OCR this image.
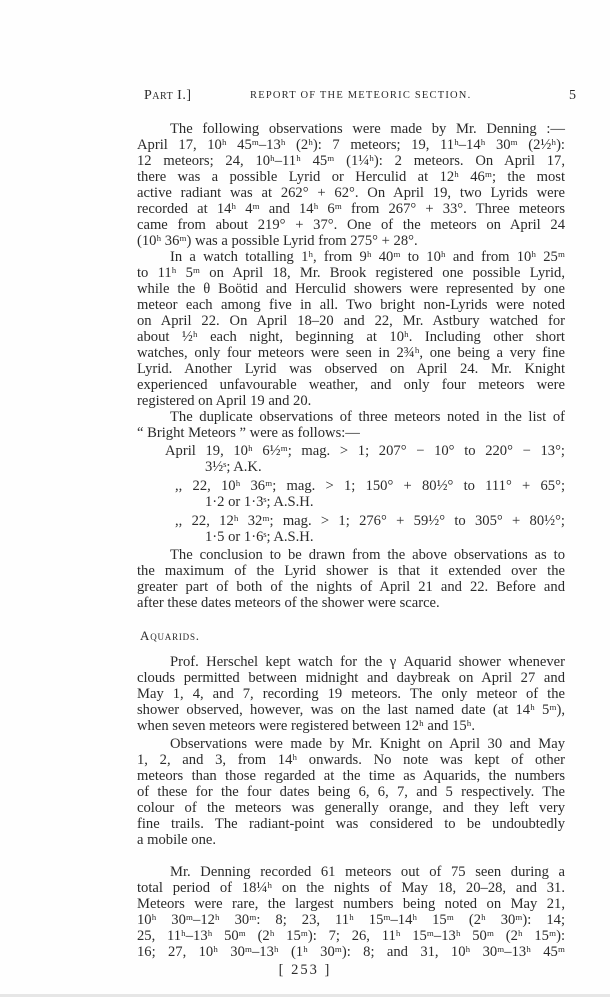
Part I.]	REPORT OF THE METEORIC SECTION.	5
The following observations were made by Mr. Denning :—
April 17, 10ʰ 45ᵐ–13ʰ (2ʰ): 7 meteors; 19, 11ʰ–14ʰ 30ᵐ (2½ʰ):
12 meteors; 24, 10ʰ–11ʰ 45ᵐ (1¼ʰ): 2 meteors. On April 17,
there was a possible Lyrid or Herculid at 12ʰ 46ᵐ; the most
active radiant was at 262° + 62°. On April 19, two Lyrids were
recorded at 14ʰ 4ᵐ and 14ʰ 6ᵐ from 267° + 33°. Three meteors
came from about 219° + 37°. One of the meteors on April 24
(10ʰ 36ᵐ) was a possible Lyrid from 275° + 28°.
In a watch totalling 1ʰ, from 9ʰ 40ᵐ to 10ʰ and from 10ʰ 25ᵐ
to 11ʰ 5ᵐ on April 18, Mr. Brook registered one possible Lyrid,
while the θ Boötid and Herculid showers were represented by one
meteor each among five in all. Two bright non-Lyrids were noted
on April 22. On April 18–20 and 22, Mr. Astbury watched for
about ½ʰ each night, beginning at 10ʰ. Including other short
watches, only four meteors were seen in 2¾ʰ, one being a very fine
Lyrid. Another Lyrid was observed on April 24. Mr. Knight
experienced unfavourable weather, and only four meteors were
registered on April 19 and 20.
The duplicate observations of three meteors noted in the list of
“ Bright Meteors ” were as follows:—
April 19, 10ʰ 6½ᵐ; mag. > 1; 207° − 10° to 220° − 13°;
3½ˢ; A.K.
,, 22, 10ʰ 36ᵐ; mag. > 1; 150° + 80½° to 111° + 65°;
1·2 or 1·3ˢ; A.S.H.
,, 22, 12ʰ 32ᵐ; mag. > 1; 276° + 59½° to 305° + 80½°;
1·5 or 1·6ˢ; A.S.H.
The conclusion to be drawn from the above observations as to
the maximum of the Lyrid shower is that it extended over the
greater part of both of the nights of April 21 and 22. Before and
after these dates meteors of the shower were scarce.
Aquarids.
Prof. Herschel kept watch for the γ Aquarid shower whenever
clouds permitted between midnight and daybreak on April 27 and
May 1, 4, and 7, recording 19 meteors. The only meteor of the
shower observed, however, was on the last named date (at 14ʰ 5ᵐ),
when seven meteors were registered between 12ʰ and 15ʰ.
Observations were made by Mr. Knight on April 30 and May
1, 2, and 3, from 14ʰ onwards. No note was kept of other
meteors than those regarded at the time as Aquarids, the numbers
of these for the four dates being 6, 6, 7, and 5 respectively. The
colour of the meteors was generally orange, and they left very
fine trails. The radiant-point was considered to be undoubtedly
a mobile one.
Mr. Denning recorded 61 meteors out of 75 seen during a
total period of 18¼ʰ on the nights of May 18, 20–28, and 31.
Meteors were rare, the largest numbers being noted on May 21,
10ʰ 30ᵐ–12ʰ 30ᵐ: 8; 23, 11ʰ 15ᵐ–14ʰ 15ᵐ (2ʰ 30ᵐ): 14;
25, 11ʰ–13ʰ 50ᵐ (2ʰ 15ᵐ): 7; 26, 11ʰ 15ᵐ–13ʰ 50ᵐ (2ʰ 15ᵐ):
16; 27, 10ʰ 30ᵐ–13ʰ (1ʰ 30ᵐ): 8; and 31, 10ʰ 30ᵐ–13ʰ 45ᵐ
[ 253 ]
